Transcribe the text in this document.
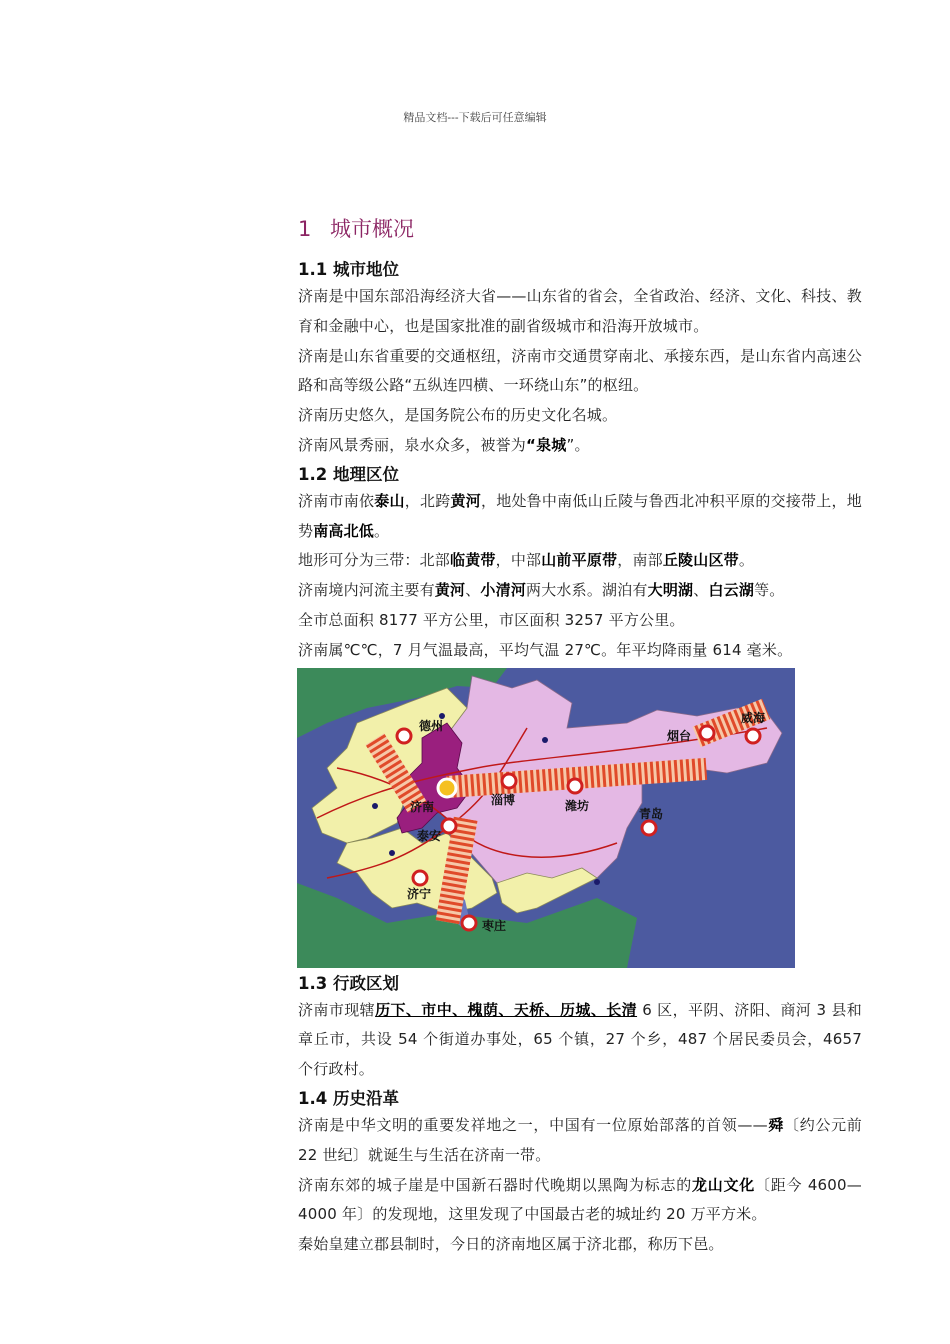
精品文档---下载后可任意编辑
1 城市概况
1.1 城市地位

济南是中国东部沿海经济大省——山东省的省会，全省政治、经济、文化、科技、教育和金融中心，也是国家批准的副省级城市和沿海开放城市。

济南是山东省重要的交通枢纽，济南市交通贯穿南北、承接东西，是山东省内高速公路和高等级公路“五纵连四横、一环绕山东”的枢纽。

济南历史悠久，是国务院公布的历史文化名城。

济南风景秀丽，泉水众多，被誉为“泉城”。

1.2 地理区位

济南市南依泰山，北跨黄河，地处鲁中南低山丘陵与鲁西北冲积平原的交接带上，地势南高北低。

地形可分为三带：北部临黄带，中部山前平原带，南部丘陵山区带。

济南境内河流主要有黄河、小清河两大水系。湖泊有大明湖、白云湖等。

全市总面积 8177 平方公里，市区面积 3257 平方公里。

济南属℃℃，7 月气温最高，平均气温 27℃。年平均降雨量 614 毫米。

德州
济南	淄博	潍坊
青岛
烟台
威海
泰安
济宁
枣庄
1.3 行政区划

济南市现辖历下、市中、槐荫、天桥、历城、长清 6 区，平阴、济阳、商河 3 县和章丘市，共设 54 个街道办事处，65 个镇，27 个乡，487 个居民委员会，4657 个行政村。

1.4 历史沿革

济南是中华文明的重要发祥地之一，中国有一位原始部落的首领——舜〔约公元前 22 世纪〕就诞生与生活在济南一带。

济南东郊的城子崖是中国新石器时代晚期以黑陶为标志的龙山文化〔距今 4600—4000 年〕的发现地，这里发现了中国最古老的城址约 20 万平方米。

秦始皇建立郡县制时，今日的济南地区属于济北郡，称历下邑。
